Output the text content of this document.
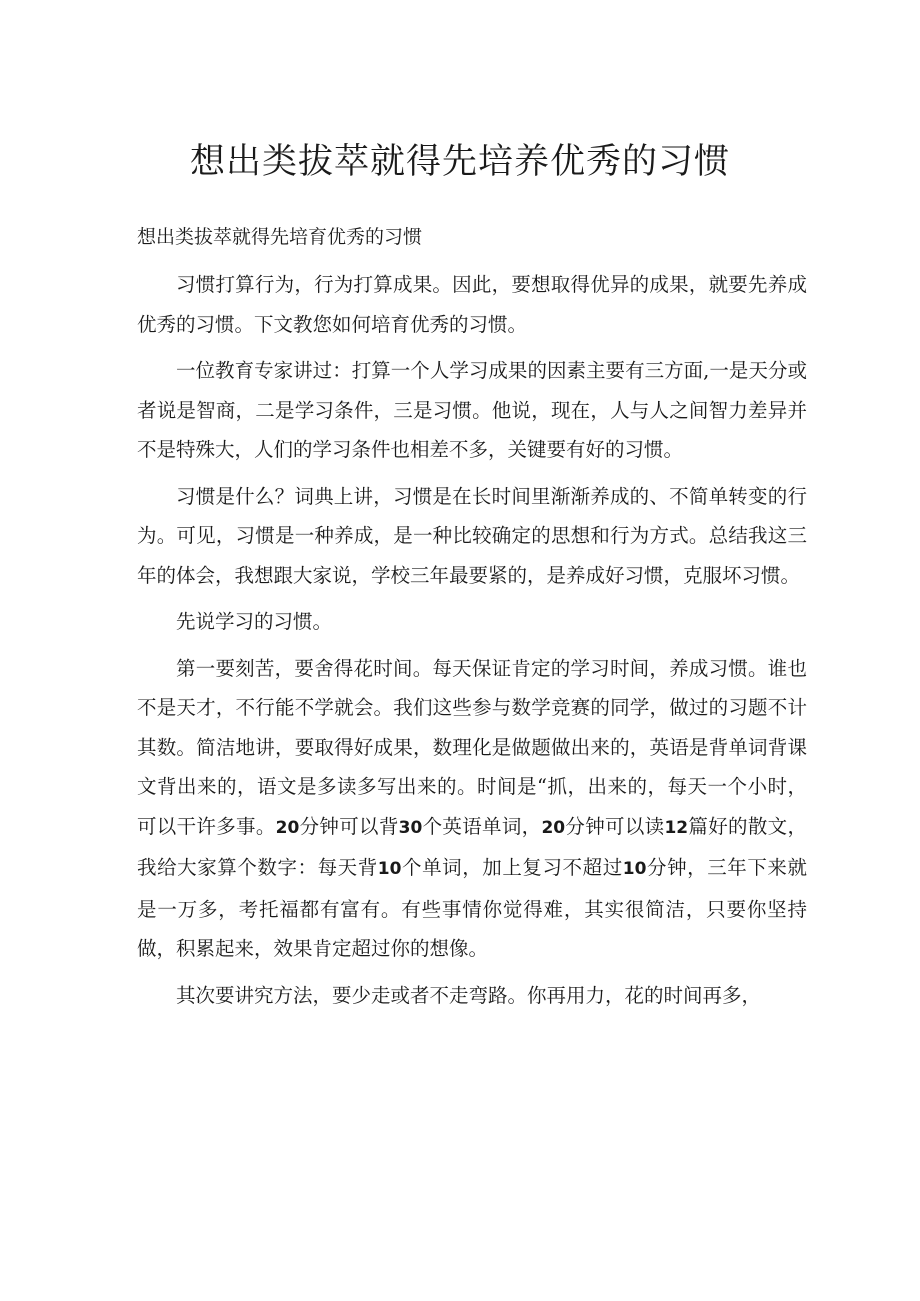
想出类拔萃就得先培养优秀的习惯

想出类拔萃就得先培育优秀的习惯

习惯打算行为，行为打算成果。因此，要想取得优异的成果，就要先养成优秀的习惯。下文教您如何培育优秀的习惯。

一位教育专家讲过：打算一个人学习成果的因素主要有三方面,一是天分或者说是智商，二是学习条件，三是习惯。他说，现在，人与人之间智力差异并不是特殊大，人们的学习条件也相差不多，关键要有好的习惯。

习惯是什么？词典上讲，习惯是在长时间里渐渐养成的、不简单转变的行为。可见，习惯是一种养成，是一种比较确定的思想和行为方式。总结我这三年的体会，我想跟大家说，学校三年最要紧的，是养成好习惯，克服坏习惯。

先说学习的习惯。

第一要刻苦，要舍得花时间。每天保证肯定的学习时间，养成习惯。谁也不是天才，不行能不学就会。我们这些参与数学竞赛的同学，做过的习题不计其数。简洁地讲，要取得好成果，数理化是做题做出来的，英语是背单词背课文背出来的，语文是多读多写出来的。时间是“抓，出来的，每天一个小时，可以干许多事。20分钟可以背30个英语单词，20分钟可以读12篇好的散文，我给大家算个数字：每天背10个单词，加上复习不超过10分钟，三年下来就是一万多，考托福都有富有。有些事情你觉得难，其实很简洁，只要你坚持做，积累起来，效果肯定超过你的想像。

其次要讲究方法，要少走或者不走弯路。你再用力，花的时间再多，
